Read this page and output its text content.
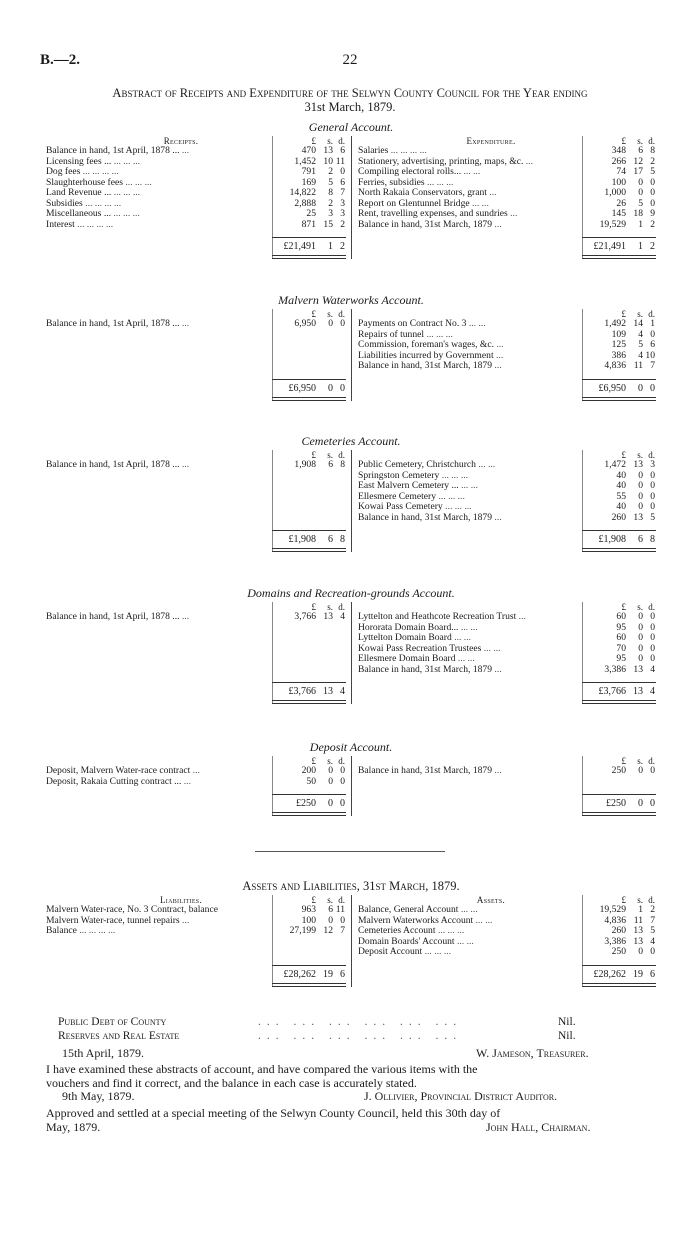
B.—2.	22
Abstract of Receipts and Expenditure of the Selwyn County Council for the Year ending
31st March, 1879.
General Account.
Receipts.	£	s. d.
Balance in hand, 1st April, 1878 ... ...	470 13 6
Licensing fees ... ... ... ...	1,452 10 11
Dog fees ... ... ... ...	791	2 0
Slaughterhouse fees ... ... ...	169	5 6
Land Revenue ... ... ... ...	14,822	8 7
Subsidies ... ... ... ...	2,888	2 3
Miscellaneous ... ... ... ...	25	3 3
Interest ... ... ... ...	871 15 2
Expenditure.	£	s. d.
Salaries ... ... ... ...	348	6 8
Stationery, advertising, printing, maps, &c. ...	266 12 2
Compiling electoral rolls... ... ...	74 17 5
Ferries, subsidies ... ... ...	100	0 0
North Rakaia Conservators, grant ...	1,000	0 0
Report on Glentunnel Bridge ... ...	26	5 0
Rent, travelling expenses, and sundries ...	145 18 9
Balance in hand, 31st March, 1879 ...	19,529	1 2
£21,491 1 2	£21,491 1 2
Malvern Waterworks Account.
£	s. d.
Balance in hand, 1st April, 1878 ... ...	6,950	0 0
£	s. d.
Payments on Contract No. 3 ... ...	1,492 14 1
Repairs of tunnel ... ... ...	109	4 0
Commission, foreman's wages, &c. ...	125	5 6
Liabilities incurred by Government ...	386	4 10
Balance in hand, 31st March, 1879 ...	4,836 11 7
£6,950 0 0	£6,950 0 0
Cemeteries Account.
£	s. d.
Balance in hand, 1st April, 1878 ... ...	1,908	6 8
£	s. d.
Public Cemetery, Christchurch ... ...	1,472 13 3
Springston Cemetery ... ... ...	40	0 0
East Malvern Cemetery ... ... ...	40	0 0
Ellesmere Cemetery ... ... ...	55	0 0
Kowai Pass Cemetery ... ... ...	40	0 0
Balance in hand, 31st March, 1879 ...	260 13 5
£1,908 6 8	£1,908 6 8
Domains and Recreation-grounds Account.
£	s. d.
Balance in hand, 1st April, 1878 ... ...	3,766 13 4
£	s. d.
Lyttelton and Heathcote Recreation Trust ...	60	0 0
Hororata Domain Board... ... ...	95	0 0
Lyttelton Domain Board ... ...	60	0 0
Kowai Pass Recreation Trustees ... ...	70	0 0
Ellesmere Domain Board ... ...	95	0 0
Balance in hand, 31st March, 1879 ...	3,386 13 4
£3,766 13 4	£3,766 13 4
Deposit Account.
£	s. d.
Deposit, Malvern Water-race contract ...	200	0 0
Deposit, Rakaia Cutting contract ... ...	50	0 0
£	s. d.
Balance in hand, 31st March, 1879 ...	250	0 0
£250 0 0	£250 0 0
Assets and Liabilities, 31st March, 1879.
Liabilities.	£	s. d.
Malvern Water-race, No. 3 Contract, balance	963	6 11
Malvern Water-race, tunnel repairs ...	100	0 0
Balance ... ... ... ...	27,199 12 7
Assets.	£	s. d.
Balance, General Account ... ...	19,529	1 2
Malvern Waterworks Account ... ...	4,836 11 7
Cemeteries Account ... ... ...	260 13 5
Domain Boards' Account ... ...	3,386 13 4
Deposit Account ... ... ...	250	0 0
£28,262 19 6	£28,262 19 6
Public Debt of County	... ... ... ... ... ...	Nil.
Reserves and Real Estate	... ... ... ... ... ...	Nil.
15th April, 1879.	W. Jameson, Treasurer.
I have examined these abstracts of account, and have compared the various items with the
vouchers and find it correct, and the balance in each case is accurately stated.
9th May, 1879.	J. Ollivier, Provincial District Auditor.
Approved and settled at a special meeting of the Selwyn County Council, held this 30th day of
May, 1879.	John Hall, Chairman.
